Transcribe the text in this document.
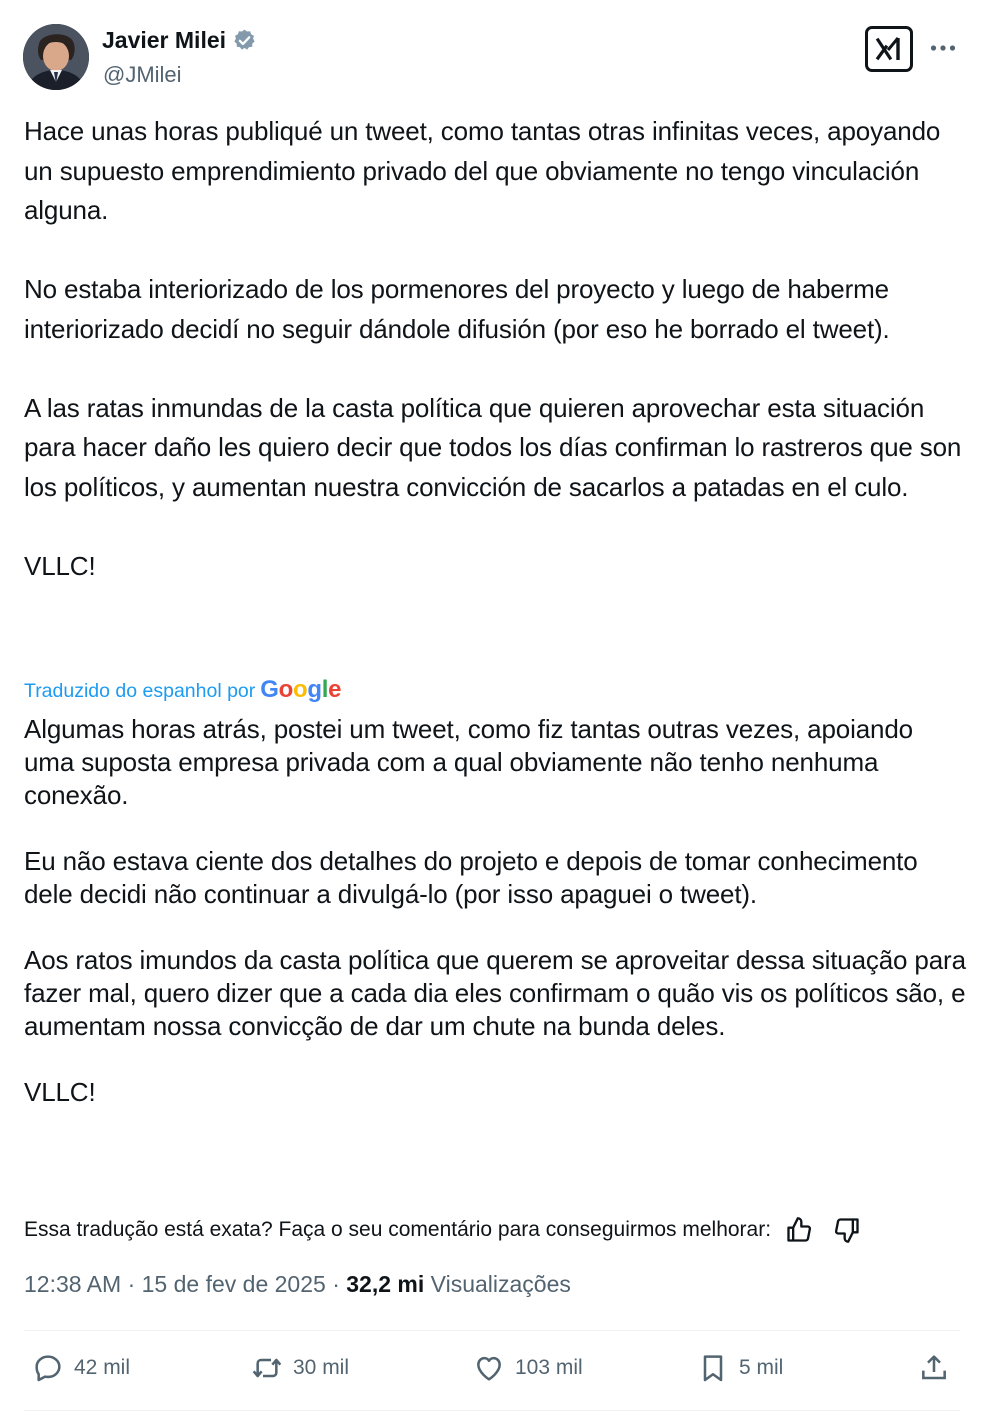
Javier Milei
@JMilei

Hace unas horas publiqué un tweet, como tantas otras infinitas veces, apoyando un supuesto emprendimiento privado del que obviamente no tengo vinculación alguna.

No estaba interiorizado de los pormenores del proyecto y luego de haberme interiorizado decidí no seguir dándole difusión (por eso he borrado el tweet).

A las ratas inmundas de la casta política que quieren aprovechar esta situación para hacer daño les quiero decir que todos los días confirman lo rastreros que son los políticos, y aumentan nuestra convicción de sacarlos a patadas en el culo.

VLLC!

Traduzido do espanhol por Google

Algumas horas atrás, postei um tweet, como fiz tantas outras vezes, apoiando uma suposta empresa privada com a qual obviamente não tenho nenhuma conexão.

Eu não estava ciente dos detalhes do projeto e depois de tomar conhecimento dele decidi não continuar a divulgá-lo (por isso apaguei o tweet).

Aos ratos imundos da casta política que querem se aproveitar dessa situação para fazer mal, quero dizer que a cada dia eles confirmam o quão vis os políticos são, e aumentam nossa convicção de dar um chute na bunda deles.

VLLC!

Essa tradução está exata? Faça o seu comentário para conseguirmos melhorar:
12:38 AM · 15 de fev de 2025 · 32,2 mi Visualizações
42 mil	30 mil	103 mil	5 mil
